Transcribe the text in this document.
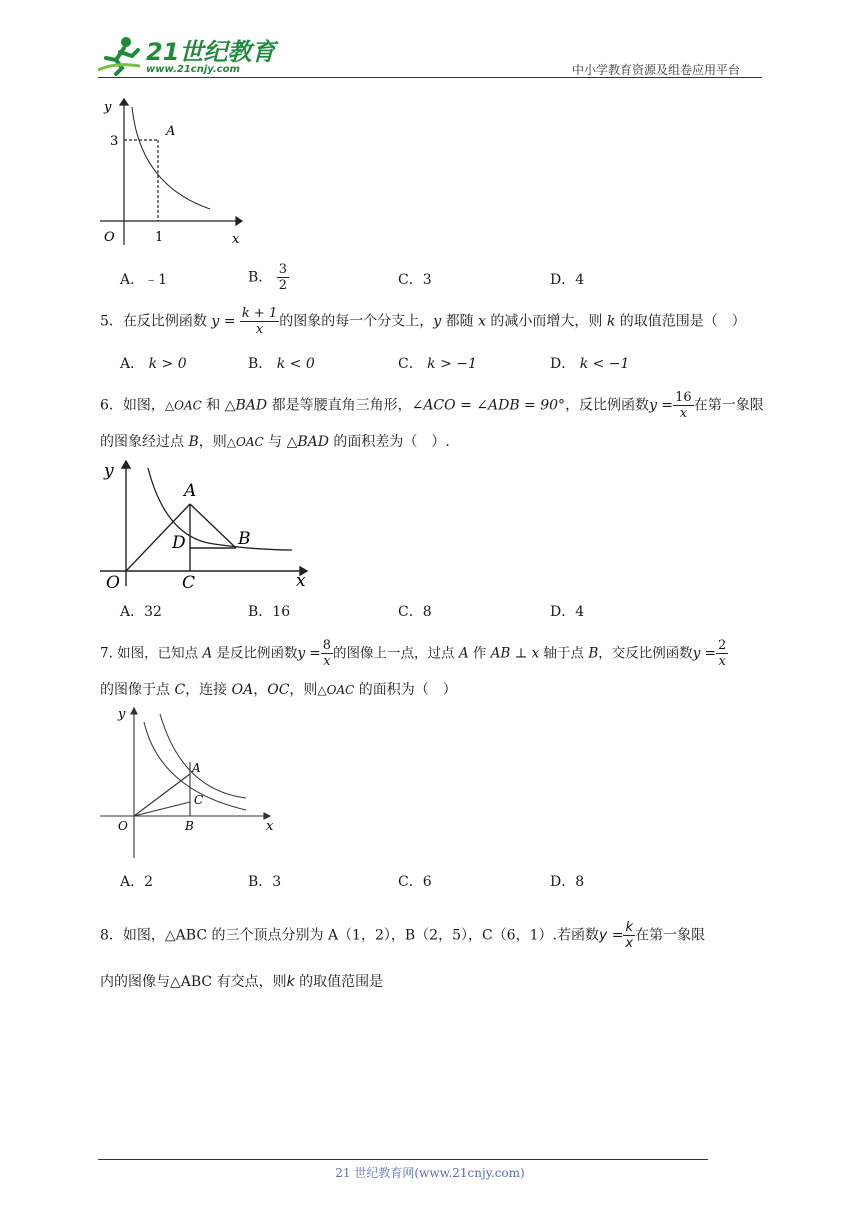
21世纪教育
www.21cnjy.com	中小学教育资源及组卷应用平台
y
A
3
O	1	x
A．﹣1	B． $\frac{3}{2}$	C．3	D．4
5．在反比例函数 $y = \frac{k + 1}{x}$ 的图象的每一个分支上，y 都随 x 的减小而增大，则 k 的取值范围是（　）
A． k > 0	B． k < 0	C． k > −1	D． k < −1
6．如图，△OAC 和 △BAD 都是等腰直角三角形，∠ACO = ∠ADB = 90°，反比例函数$y = \frac{16}{x}$ 在第一象限
的图象经过点 B，则△OAC 与 △BAD 的面积差为（　）.
y
A
D	B
O	C	x
A．32	B．16	C．8	D．4
7. 如图，已知点 A 是反比例函数$y = \frac{8}{x}$ 的图像上一点，过点 A 作 AB ⊥ x 轴于点 B，交反比例函数$y = \frac{2}{x}$
的图像于点 C，连接 OA，OC，则△OAC 的面积为（　）
y
A
C
O	B	x
A．2	B．3	C．6	D．8
8．如图，△ABC 的三个顶点分别为 A（1，2），B（2，5），C（6，1）.若函数$y = \frac{k}{x}$ 在第一象限
内的图像与△ABC 有交点，则k 的取值范围是
21 世纪教育网(www.21cnjy.com)
